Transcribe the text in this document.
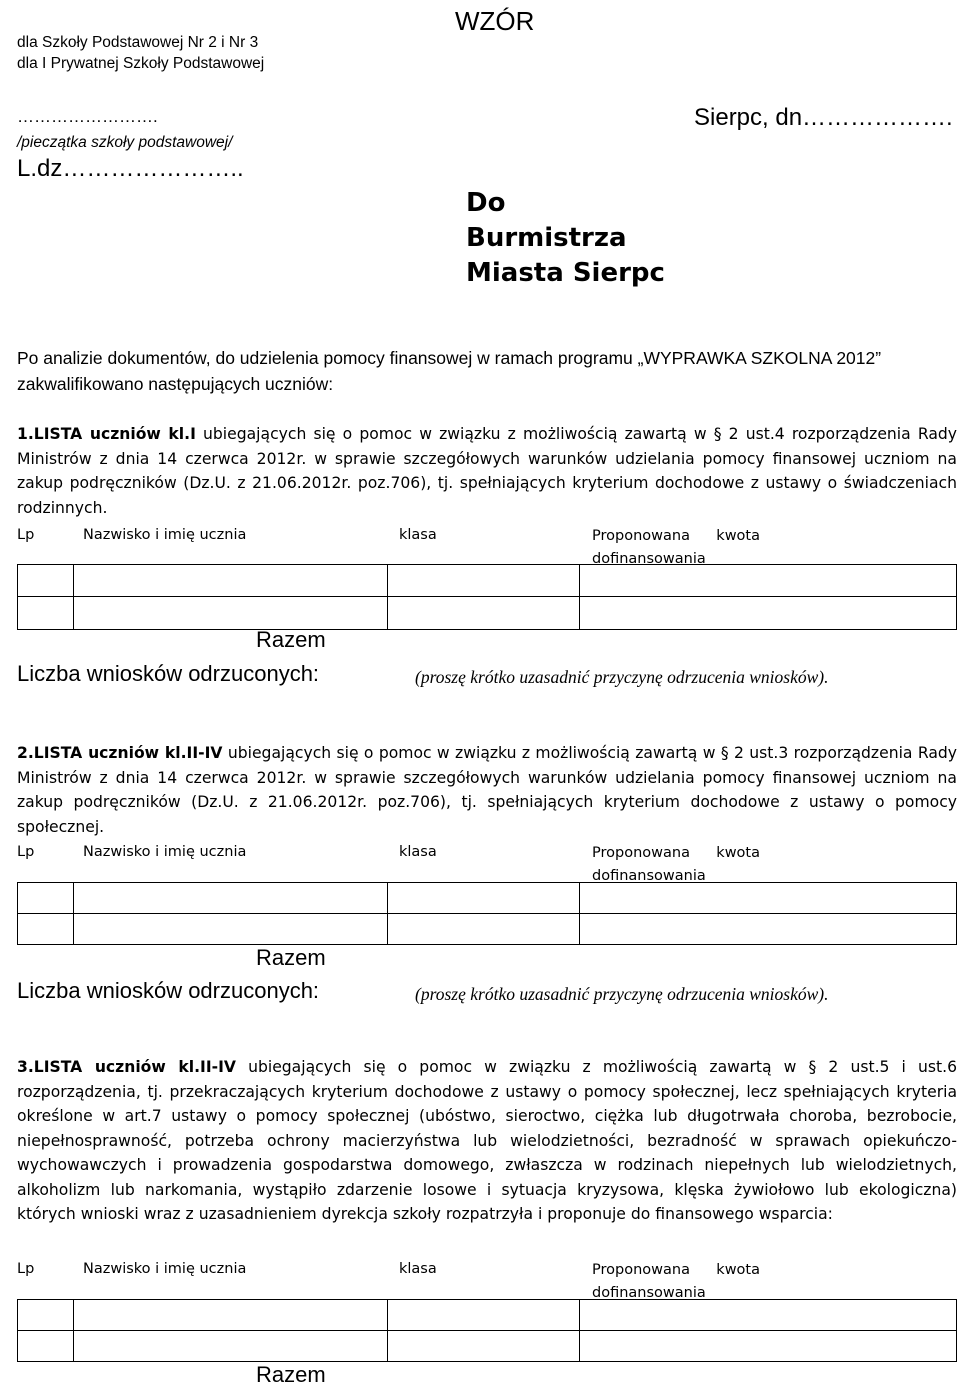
dla Szkoły Podstawowej Nr 2 i Nr 3
dla I Prywatnej Szkoły Podstawowej
WZÓR
…………………….
/pieczątka szkoły podstawowej/
L.dz…………………..
Sierpc, dn……………….
Do
Burmistrza
Miasta Sierpc
Po analizie dokumentów, do udzielenia pomocy finansowej w ramach programu „WYPRAWKA SZKOLNA 2012” zakwalifikowano następujących uczniów:

1.LISTA uczniów kl.I ubiegających się o pomoc w związku z możliwością zawartą w § 2 ust.4 rozporządzenia Rady Ministrów z dnia 14 czerwca 2012r. w sprawie szczegółowych warunków udzielania pomocy finansowej uczniom na zakup podręczników (Dz.U. z 21.06.2012r. poz.706), tj. spełniających kryterium dochodowe z ustawy o świadczeniach rodzinnych.

Lp	Nazwisko i imię ucznia	klasa	Proponowana kwota

dofinansowania
Razem
Liczba wniosków odrzuconych:	(proszę krótko uzasadnić przyczynę odrzucenia wniosków).

2.LISTA uczniów kl.II-IV ubiegających się o pomoc w związku z możliwością zawartą w § 2 ust.3 rozporządzenia Rady Ministrów z dnia 14 czerwca 2012r. w sprawie szczegółowych warunków udzielania pomocy finansowej uczniom na zakup podręczników (Dz.U. z 21.06.2012r. poz.706), tj. spełniających kryterium dochodowe z ustawy o pomocy społecznej.

Lp	Nazwisko i imię ucznia	klasa	Proponowana kwota

dofinansowania
Razem
Liczba wniosków odrzuconych:	(proszę krótko uzasadnić przyczynę odrzucenia wniosków).

3.LISTA uczniów kl.II-IV ubiegających się o pomoc w związku z możliwością zawartą w § 2 ust.5 i ust.6 rozporządzenia, tj. przekraczających kryterium dochodowe z ustawy o pomocy społecznej, lecz spełniających kryteria określone w art.7 ustawy o pomocy społecznej (ubóstwo, sieroctwo, ciężka lub długotrwała choroba, bezrobocie, niepełnosprawność, potrzeba ochrony macierzyństwa lub wielodzietności, bezradność w sprawach opiekuńczo-wychowawczych i prowadzenia gospodarstwa domowego, zwłaszcza w rodzinach niepełnych lub wielodzietnych, alkoholizm lub narkomania, wystąpiło zdarzenie losowe i sytuacja kryzysowa, klęska żywiołowo lub ekologiczna) których wnioski wraz z uzasadnieniem dyrekcja szkoły rozpatrzyła i proponuje do finansowego wsparcia:

Lp	Nazwisko i imię ucznia	klasa	Proponowana kwota

dofinansowania
Razem
